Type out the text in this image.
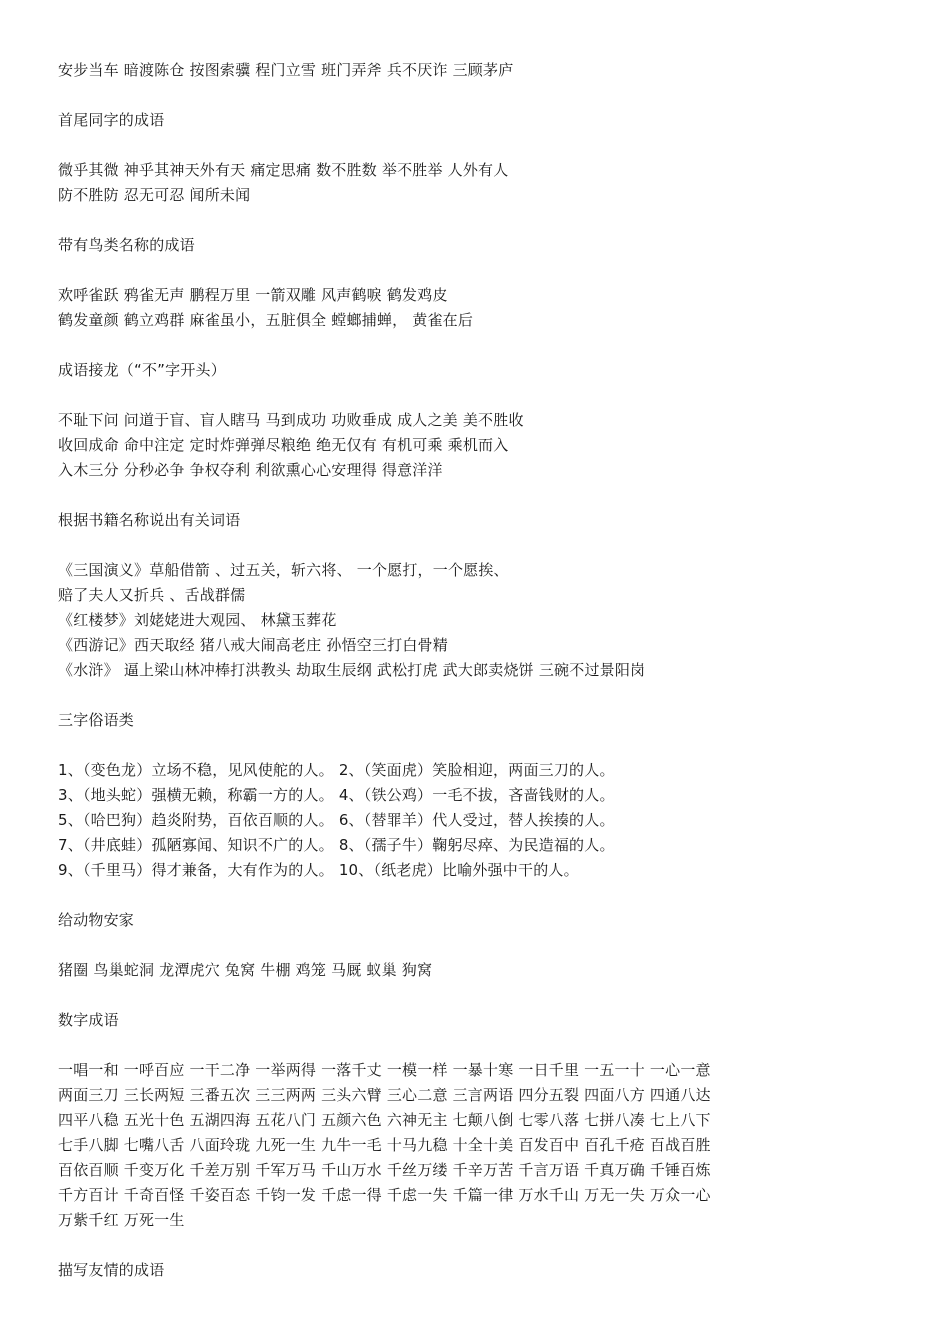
安步当车 暗渡陈仓 按图索骥 程门立雪 班门弄斧 兵不厌诈 三顾茅庐
首尾同字的成语
微乎其微 神乎其神天外有天 痛定思痛 数不胜数 举不胜举 人外有人
防不胜防 忍无可忍 闻所未闻
带有鸟类名称的成语
欢呼雀跃 鸦雀无声 鹏程万里 一箭双雕 风声鹤唳 鹤发鸡皮
鹤发童颜 鹤立鸡群 麻雀虽小，五脏俱全 螳螂捕蝉， 黄雀在后
成语接龙（“不”字开头）
不耻下问 问道于盲、盲人瞎马 马到成功 功败垂成 成人之美 美不胜收
收回成命 命中注定 定时炸弹弹尽粮绝 绝无仅有 有机可乘 乘机而入
入木三分 分秒必争 争权夺利 利欲熏心心安理得 得意洋洋
根据书籍名称说出有关词语
《三国演义》草船借箭 、过五关，斩六将、 一个愿打，一个愿挨、
赔了夫人又折兵 、舌战群儒
《红楼梦》刘姥姥进大观园、 林黛玉葬花
《西游记》西天取经 猪八戒大闹高老庄 孙悟空三打白骨精
《水浒》 逼上梁山林冲棒打洪教头 劫取生辰纲 武松打虎 武大郎卖烧饼 三碗不过景阳岗
三字俗语类
1、（变色龙）立场不稳，见风使舵的人。 2、（笑面虎）笑脸相迎，两面三刀的人。
3、（地头蛇）强横无赖，称霸一方的人。 4、（铁公鸡）一毛不拔，吝啬钱财的人。
5、（哈巴狗）趋炎附势，百依百顺的人。 6、（替罪羊）代人受过，替人挨揍的人。
7、（井底蛙）孤陋寡闻、知识不广的人。 8、（孺子牛）鞠躬尽瘁、为民造福的人。
9、（千里马）得才兼备，大有作为的人。 10、（纸老虎）比喻外强中干的人。
给动物安家
猪圈 鸟巢蛇洞 龙潭虎穴 兔窝 牛棚 鸡笼 马厩 蚁巢 狗窝
数字成语
一唱一和 一呼百应 一干二净 一举两得 一落千丈 一模一样 一暴十寒 一日千里 一五一十 一心一意
两面三刀 三长两短 三番五次 三三两两 三头六臂 三心二意 三言两语 四分五裂 四面八方 四通八达
四平八稳 五光十色 五湖四海 五花八门 五颜六色 六神无主 七颠八倒 七零八落 七拼八凑 七上八下
七手八脚 七嘴八舌 八面玲珑 九死一生 九牛一毛 十马九稳 十全十美 百发百中 百孔千疮 百战百胜
百依百顺 千变万化 千差万别 千军万马 千山万水 千丝万缕 千辛万苦 千言万语 千真万确 千锤百炼
千方百计 千奇百怪 千姿百态 千钧一发 千虑一得 千虑一失 千篇一律 万水千山 万无一失 万众一心
万紫千红 万死一生
描写友情的成语
